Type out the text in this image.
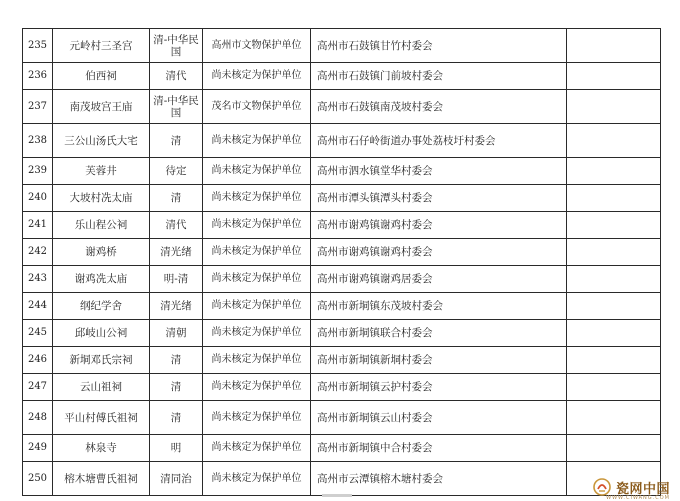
235	元岭村三圣宫	清-中华民国	高州市文物保护单位	高州市石鼓镇甘竹村委会	
236	伯西祠	清代	尚未核定为保护单位	高州市石鼓镇门前坡村委会	
237	南茂坡宫王庙	清-中华民国	茂名市文物保护单位	高州市石鼓镇南茂坡村委会	
238	三公山汤氏大宅	清	尚未核定为保护单位	高州市石仔岭街道办事处荔枝圩村委会	
239	芙蓉井	待定	尚未核定为保护单位	高州市泗水镇堂华村委会	
240	大坡村冼太庙	清	尚未核定为保护单位	高州市潭头镇潭头村委会	
241	乐山程公祠	清代	尚未核定为保护单位	高州市谢鸡镇谢鸡村委会	
242	谢鸡桥	清光绪	尚未核定为保护单位	高州市谢鸡镇谢鸡村委会	
243	谢鸡冼太庙	明-清	尚未核定为保护单位	高州市谢鸡镇谢鸡居委会	
244	纲纪学舍	清光绪	尚未核定为保护单位	高州市新垌镇东茂坡村委会	
245	邱岐山公祠	清朝	尚未核定为保护单位	高州市新垌镇联合村委会	
246	新垌邓氏宗祠	清	尚未核定为保护单位	高州市新垌镇新垌村委会	
247	云山祖祠	清	尚未核定为保护单位	高州市新垌镇云护村委会	
248	平山村傅氏祖祠	清	尚未核定为保护单位	高州市新垌镇云山村委会	
249	林泉寺	明	尚未核定为保护单位	高州市新垌镇中合村委会	
250	榕木塘曹氏祖祠	清同治	尚未核定为保护单位	高州市云潭镇榕木塘村委会	
瓷网中国
WWW.CIWANG.COM
